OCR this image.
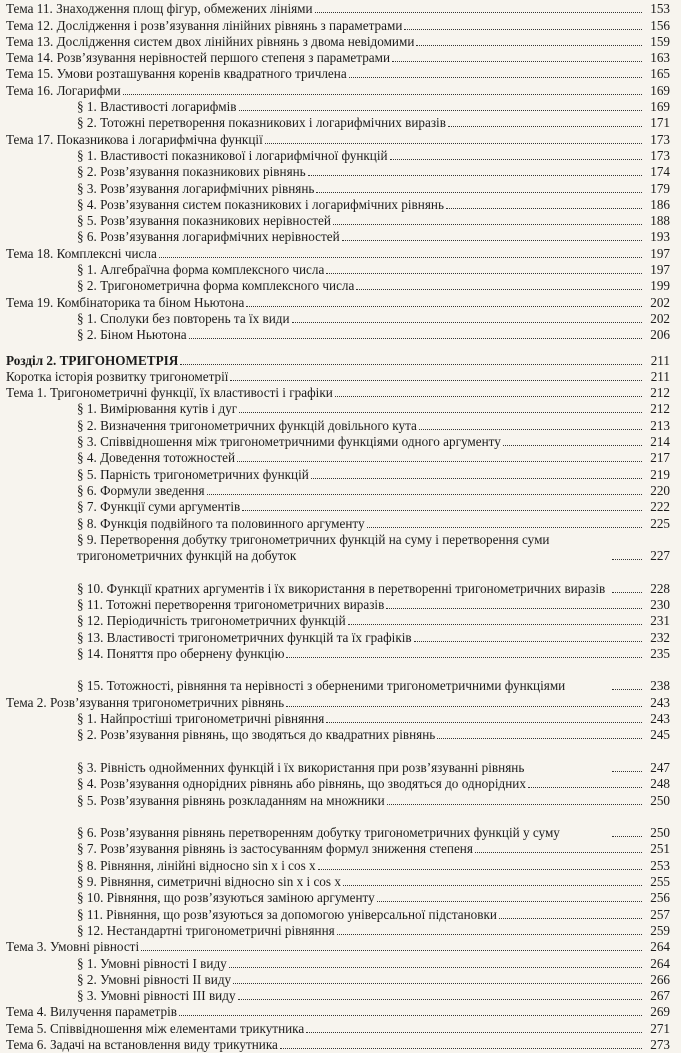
Тема 11. Знаходження площ фігур, обмежених лініями	153
Тема 12. Дослідження і розв’язування лінійних рівнянь з параметрами	156
Тема 13. Дослідження систем двох лінійних рівнянь з двома невідомими	159
Тема 14. Розв’язування нерівностей першого степеня з параметрами	163
Тема 15. Умови розташування коренів квадратного тричлена	165
Тема 16. Логарифми	169
§ 1. Властивості логарифмів	169
§ 2. Тотожні перетворення показникових і логарифмічних виразів	171
Тема 17. Показникова і логарифмічна функції	173
§ 1. Властивості показникової і логарифмічної функцій	173
§ 2. Розв’язування показникових рівнянь	174
§ 3. Розв’язування логарифмічних рівнянь	179
§ 4. Розв’язування систем показникових і логарифмічних рівнянь	186
§ 5. Розв’язування показникових нерівностей	188
§ 6. Розв’язування логарифмічних нерівностей	193
Тема 18. Комплексні числа	197
§ 1. Алгебраїчна форма комплексного числа	197
§ 2. Тригонометрична форма комплексного числа	199
Тема 19. Комбінаторика та біном Ньютона	202
§ 1. Сполуки без повторень та їх види	202
§ 2. Біном Ньютона	206
Розділ 2. ТРИГОНОМЕТРІЯ	211
Коротка історія розвитку тригонометрії	211
Тема 1. Тригонометричні функції, їх властивості і графіки	212
§ 1. Вимірювання кутів і дуг	212
§ 2. Визначення тригонометричних функцій довільного кута	213
§ 3. Співвідношення між тригонометричними функціями одного аргументу	214
§ 4. Доведення тотожностей	217
§ 5. Парність тригонометричних функцій	219
§ 6. Формули зведення	220
§ 7. Функції суми аргументів	222
§ 8. Функція подвійного та половинного аргументу	225
§ 9. Перетворення добутку тригонометричних функцій на суму і перетворення суми тригонометричних функцій на добуток	227
§ 10. Функції кратних аргументів і їх використання в перетворенні тригонометричних виразів	228
§ 11. Тотожні перетворення тригонометричних виразів	230
§ 12. Періодичність тригонометричних функцій	231
§ 13. Властивості тригонометричних функцій та їх графіків	232
§ 14. Поняття про обернену функцію	235
§ 15. Тотожності, рівняння та нерівності з оберненими тригонометричними функціями	238
Тема 2. Розв’язування тригонометричних рівнянь	243
§ 1. Найпростіші тригонометричні рівняння	243
§ 2. Розв’язування рівнянь, що зводяться до квадратних рівнянь	245
§ 3. Рівність однойменних функцій і їх використання при розв’язуванні рівнянь	247
§ 4. Розв’язування однорідних рівнянь або рівнянь, що зводяться до однорідних	248
§ 5. Розв’язування рівнянь розкладанням на множники	250
§ 6. Розв’язування рівнянь перетворенням добутку тригонометричних функцій у суму	250
§ 7. Розв’язування рівнянь із застосуванням формул зниження степеня	251
§ 8. Рівняння, лінійні відносно sin x і cos x	253
§ 9. Рівняння, симетричні відносно sin x і cos x	255
§ 10. Рівняння, що розв’язуються заміною аргументу	256
§ 11. Рівняння, що розв’язуються за допомогою універсальної підстановки	257
§ 12. Нестандартні тригонометричні рівняння	259
Тема 3. Умовні рівності	264
§ 1. Умовні рівності I виду	264
§ 2. Умовні рівності II виду	266
§ 3. Умовні рівності III виду	267
Тема 4. Вилучення параметрів	269
Тема 5. Співвідношення між елементами трикутника	271
Тема 6. Задачі на встановлення виду трикутника	273
